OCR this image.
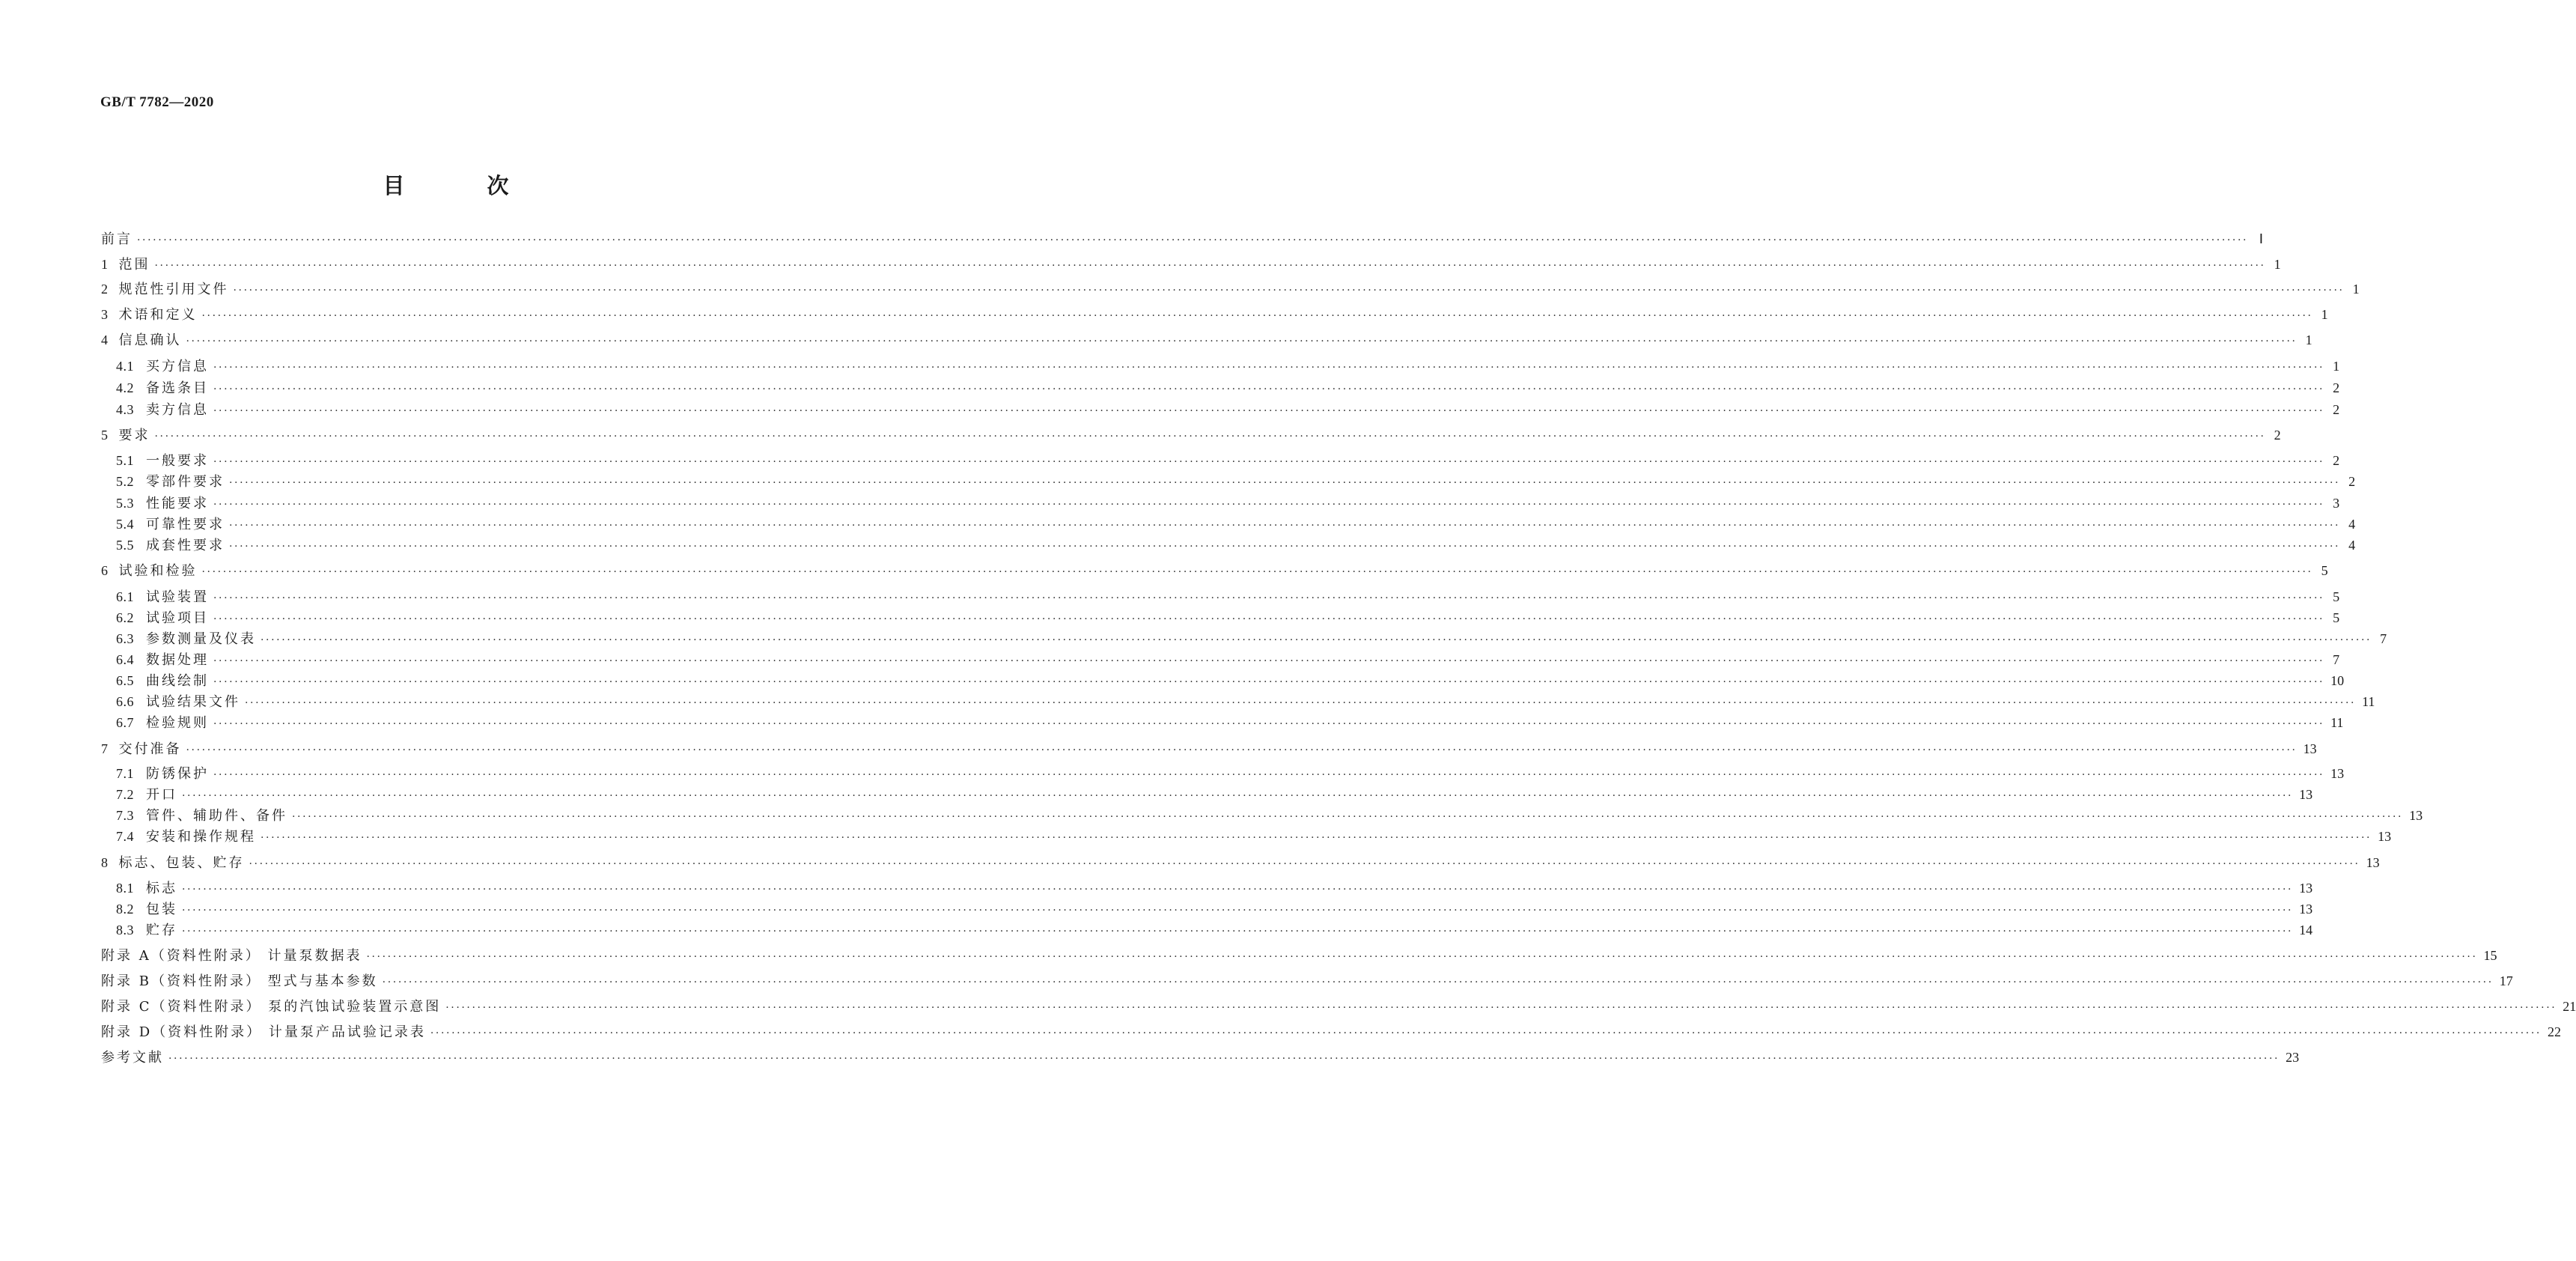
GB/T 7782—2020
目 次
前言 ················································································································································································································································································································································································································ Ⅰ
1 范围 ················································································································································································································································································································································································································ 1
2 规范性引用文件 ················································································································································································································································································································································································································ 1
3 术语和定义 ················································································································································································································································································································································································································ 1
4 信息确认 ················································································································································································································································································································································································································ 1
4.1 买方信息 ················································································································································································································································································································································································································ 1
4.2 备选条目 ················································································································································································································································································································································································································ 2
4.3 卖方信息 ················································································································································································································································································································································································································ 2
5 要求 ················································································································································································································································································································································································································ 2
5.1 一般要求 ················································································································································································································································································································································································································ 2
5.2 零部件要求 ················································································································································································································································································································································································································ 2
5.3 性能要求 ················································································································································································································································································································································································································ 3
5.4 可靠性要求 ················································································································································································································································································································································································································ 4
5.5 成套性要求 ················································································································································································································································································································································································································ 4
6 试验和检验 ················································································································································································································································································································································································································ 5
6.1 试验装置 ················································································································································································································································································································································································································ 5
6.2 试验项目 ················································································································································································································································································································································································································ 5
6.3 参数测量及仪表 ················································································································································································································································································································································································································ 7
6.4 数据处理 ················································································································································································································································································································································································································ 7
6.5 曲线绘制 ················································································································································································································································································································································································································ 10
6.6 试验结果文件 ················································································································································································································································································································································································································ 11
6.7 检验规则 ················································································································································································································································································································································································································ 11
7 交付准备 ················································································································································································································································································································································································································ 13
7.1 防锈保护 ················································································································································································································································································································································································································ 13
7.2 开口 ················································································································································································································································································································································································································ 13
7.3 管件、辅助件、备件 ················································································································································································································································································································································································································ 13
7.4 安装和操作规程 ················································································································································································································································································································································································································ 13
8 标志、包装、贮存 ················································································································································································································································································································································································································ 13
8.1 标志 ················································································································································································································································································································································································································ 13
8.2 包装 ················································································································································································································································································································································································································ 13
8.3 贮存 ················································································································································································································································································································································································································ 14
附录 A（资料性附录） 计量泵数据表 ················································································································································································································································································································································································································ 15
附录 B（资料性附录） 型式与基本参数 ················································································································································································································································································································································································································ 17
附录 C（资料性附录） 泵的汽蚀试验装置示意图 ················································································································································································································································································································································································································ 21
附录 D（资料性附录） 计量泵产品试验记录表 ················································································································································································································································································································································································································ 22
参考文献 ················································································································································································································································································································································································································ 23
